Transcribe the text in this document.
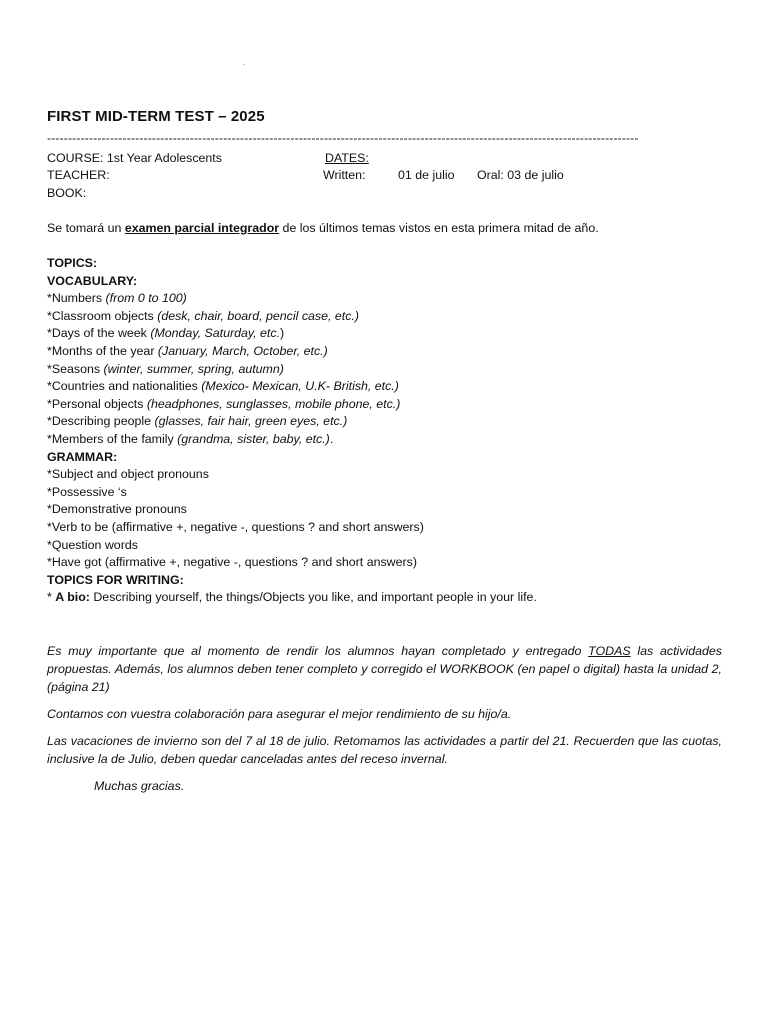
.
FIRST MID-TERM TEST – 2025
---------------------------------------------------------------------------------------------------------------------------------------------
COURSE: 1st Year Adolescents	DATES:
TEACHER:	Written:	01 de julio Oral: 03 de julio
BOOK:
Se tomará un examen parcial integrador de los últimos temas vistos en esta primera mitad de año.
TOPICS:
VOCABULARY:
*Numbers (from 0 to 100)
*Classroom objects (desk, chair, board, pencil case, etc.)
*Days of the week (Monday, Saturday, etc.)
*Months of the year (January, March, October, etc.)
*Seasons (winter, summer, spring, autumn)
*Countries and nationalities (Mexico- Mexican, U.K- British, etc.)
*Personal objects (headphones, sunglasses, mobile phone, etc.)
*Describing people (glasses, fair hair, green eyes, etc.)
*Members of the family (grandma, sister, baby, etc.).
GRAMMAR:
*Subject and object pronouns
*Possessive ‘s
*Demonstrative pronouns
*Verb to be (affirmative +, negative -, questions ? and short answers)
*Question words
*Have got (affirmative +, negative -, questions ? and short answers)
TOPICS FOR WRITING:
* A bio: Describing yourself, the things/Objects you like, and important people in your life.
Es muy importante que al momento de rendir los alumnos hayan completado y entregado TODAS las actividades propuestas. Además, los alumnos deben tener completo y corregido el WORKBOOK (en papel o digital) hasta la unidad 2, (página 21)
Contamos con vuestra colaboración para asegurar el mejor rendimiento de su hijo/a.
Las vacaciones de invierno son del 7 al 18 de julio. Retomamos las actividades a partir del 21. Recuerden que las cuotas, inclusive la de Julio, deben quedar canceladas antes del receso invernal.
Muchas gracias.
